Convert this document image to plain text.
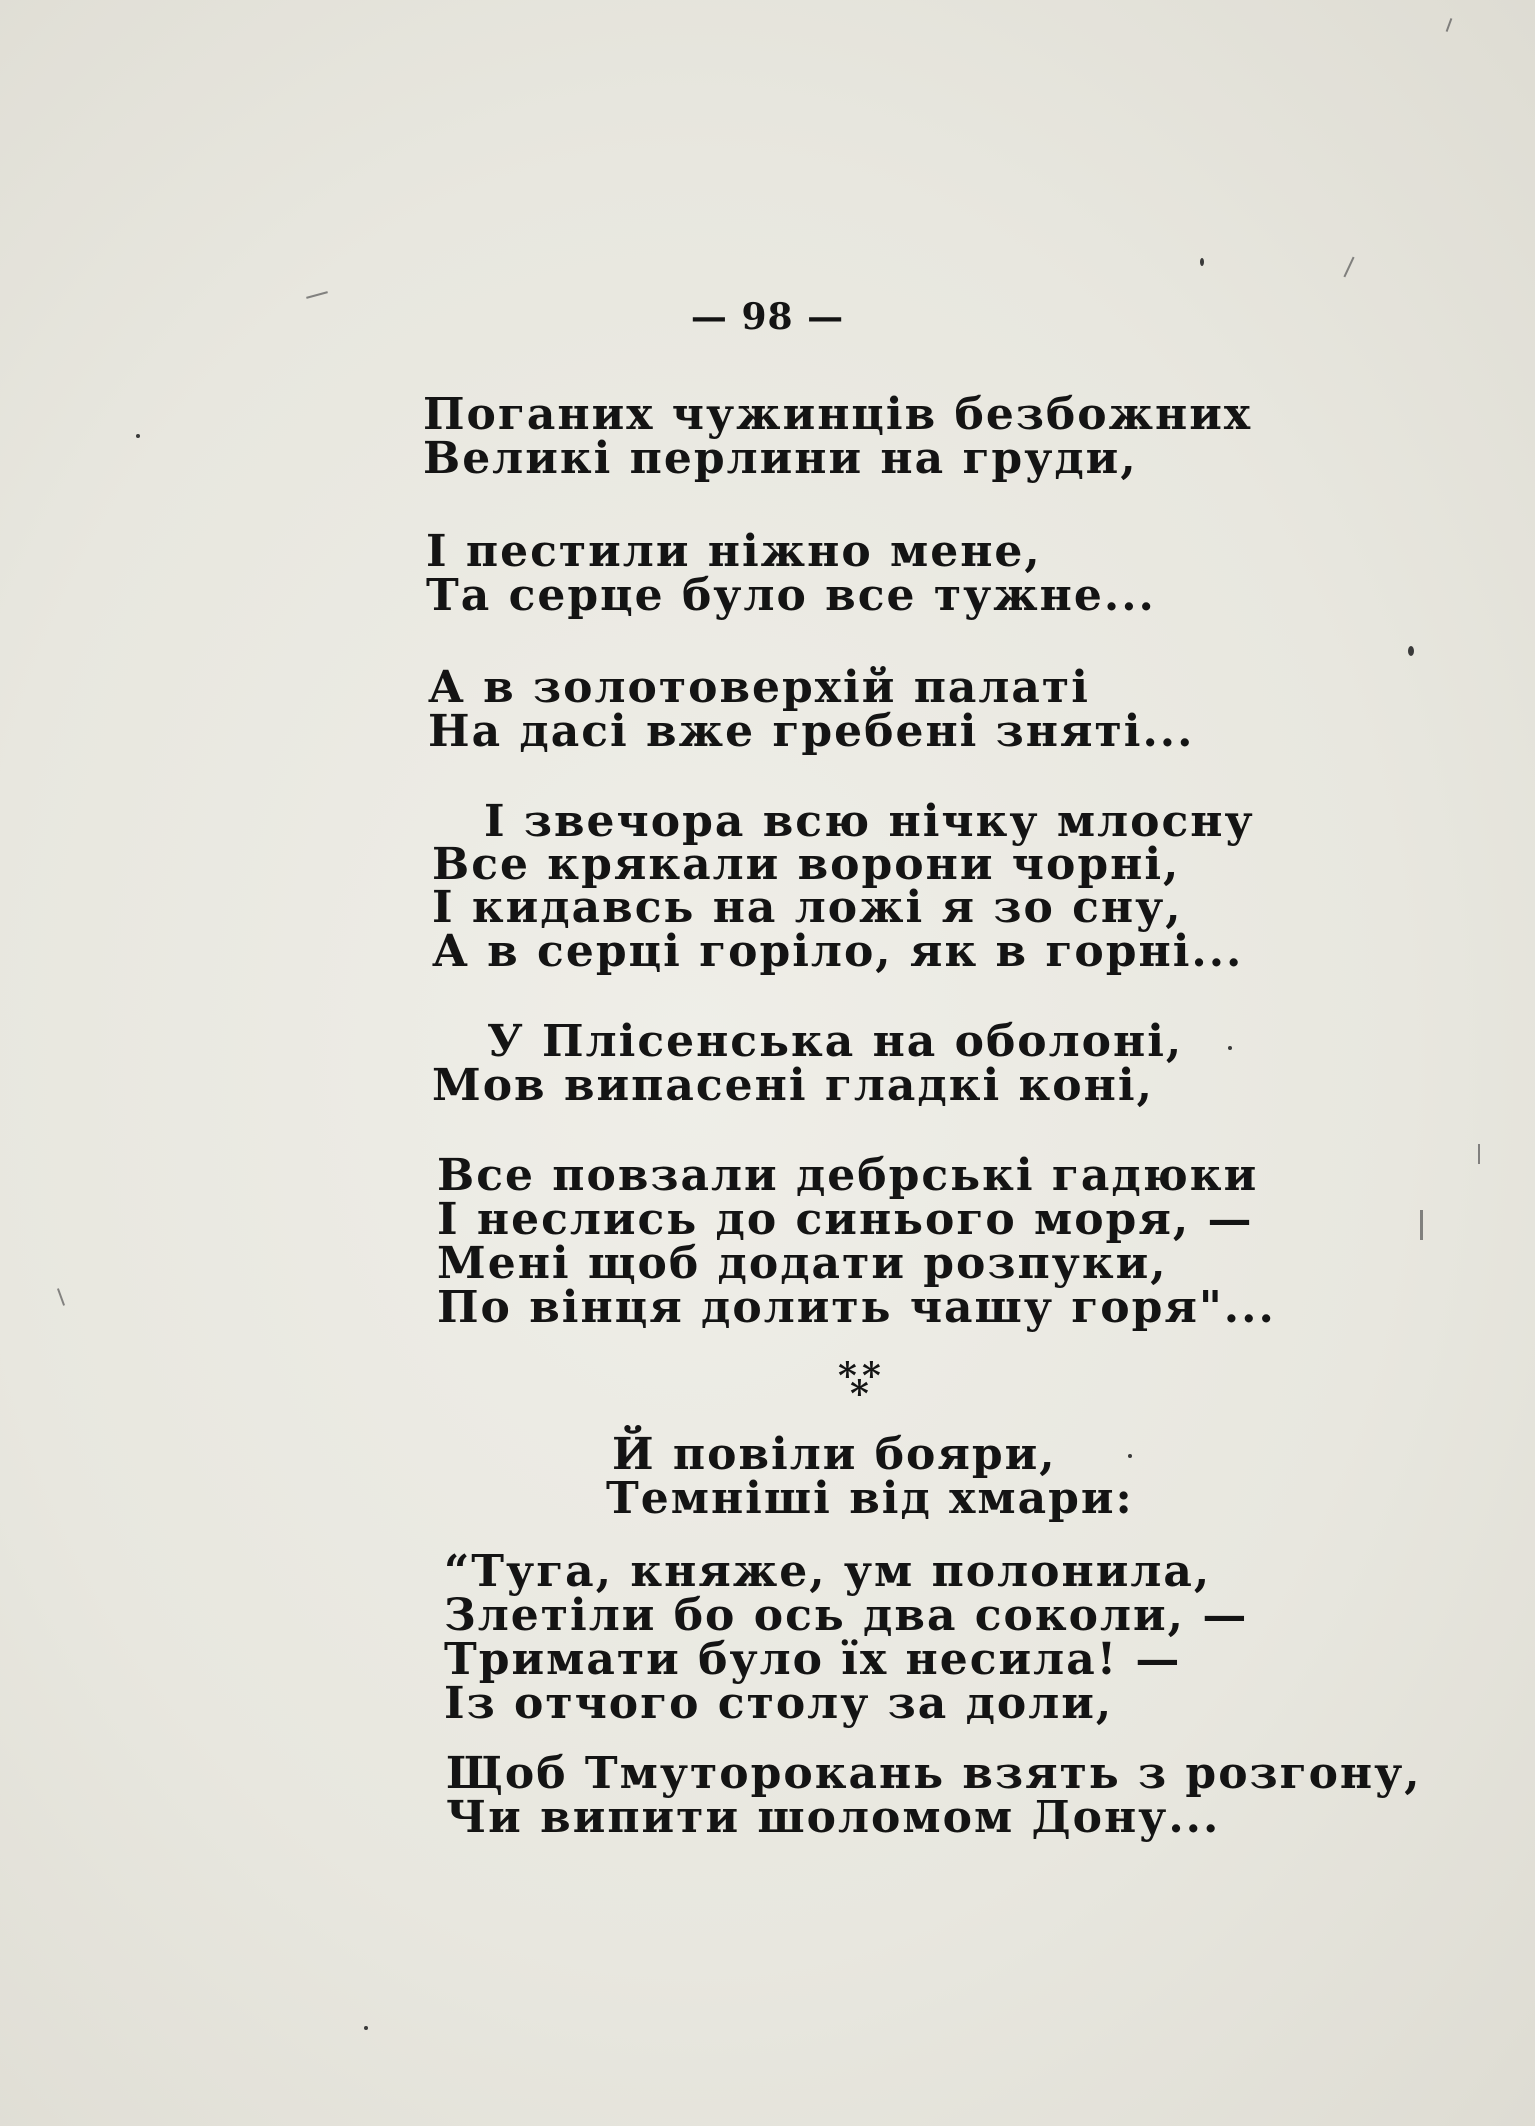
— 98 —
Поганих чужинців безбожних
Великі перлини на груди,
І пестили ніжно мене,
Та серце було все тужне...
А в золотоверхій палаті
На дасі вже гребені зняті...
І звечора всю нічку млосну
Все крякали ворони чорні,
І кидавсь на ложі я зо сну,
А в серці горіло, як в горні...
У Плісенська на оболоні,
Мов випасені гладкі коні,
Все повзали дебрські гадюки
І неслись до синього моря, —
Мені щоб додати розпуки,
По вінця долить чашу горя"...
* *
*
Й повіли бояри,
Темніші від хмари:
“Туга, княже, ум полонила,
Злетіли бо ось два соколи, —
Тримати було їх несила! —
Із отчого столу за доли,
Щоб Тмуторокань взять з розгону,
Чи випити шоломом Дону...
